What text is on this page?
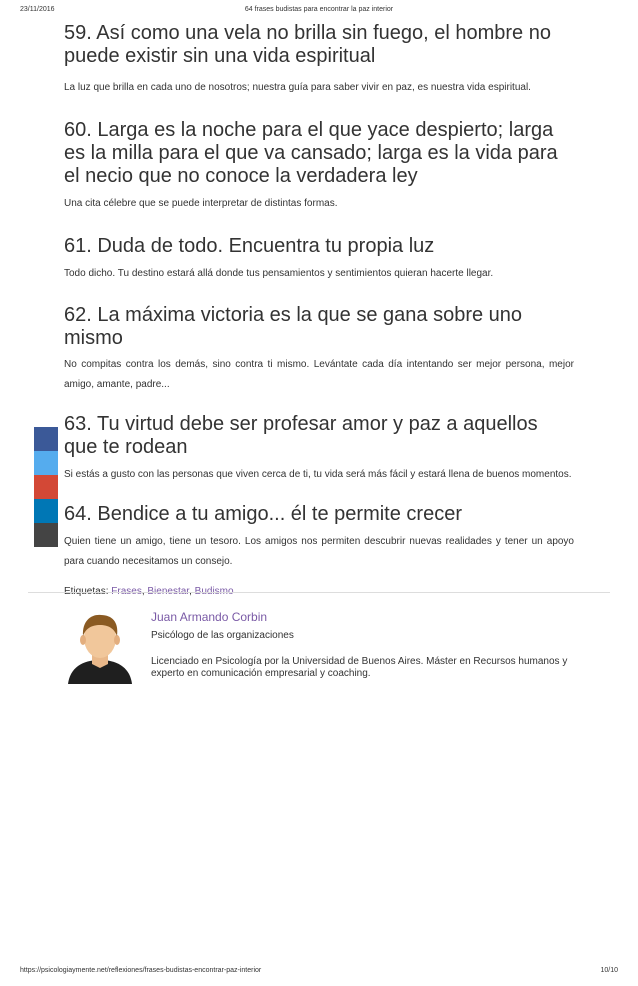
23/11/2016	64 frases budistas para encontrar la paz interior
59. Así como una vela no brilla sin fuego, el hombre no puede existir sin una vida espiritual

La luz que brilla en cada uno de nosotros; nuestra guía para saber vivir en paz, es nuestra vida espiritual.

60. Larga es la noche para el que yace despierto; larga es la milla para el que va cansado; larga es la vida para el necio que no conoce la verdadera ley

Una cita célebre que se puede interpretar de distintas formas.

61. Duda de todo. Encuentra tu propia luz

Todo dicho. Tu destino estará allá donde tus pensamientos y sentimientos quieran hacerte llegar.

62. La máxima victoria es la que se gana sobre uno mismo

No compitas contra los demás, sino contra ti mismo. Levántate cada día intentando ser mejor persona, mejor amigo, amante, padre...

63. Tu virtud debe ser profesar amor y paz a aquellos que te rodean

Si estás a gusto con las personas que viven cerca de ti, tu vida será más fácil y estará llena de buenos momentos.

64. Bendice a tu amigo... él te permite crecer

Quien tiene un amigo, tiene un tesoro. Los amigos nos permiten descubrir nuevas realidades y tener un apoyo para cuando necesitamos un consejo.

Juan Armando Corbin
Psicólogo de las organizaciones
Licenciado en Psicología por la Universidad de Buenos Aires. Máster en Recursos humanos y experto en comunicación empresarial y coaching.
https://psicologiaymente.net/reflexiones/frases-budistas-encontrar-paz-interior	10/10
